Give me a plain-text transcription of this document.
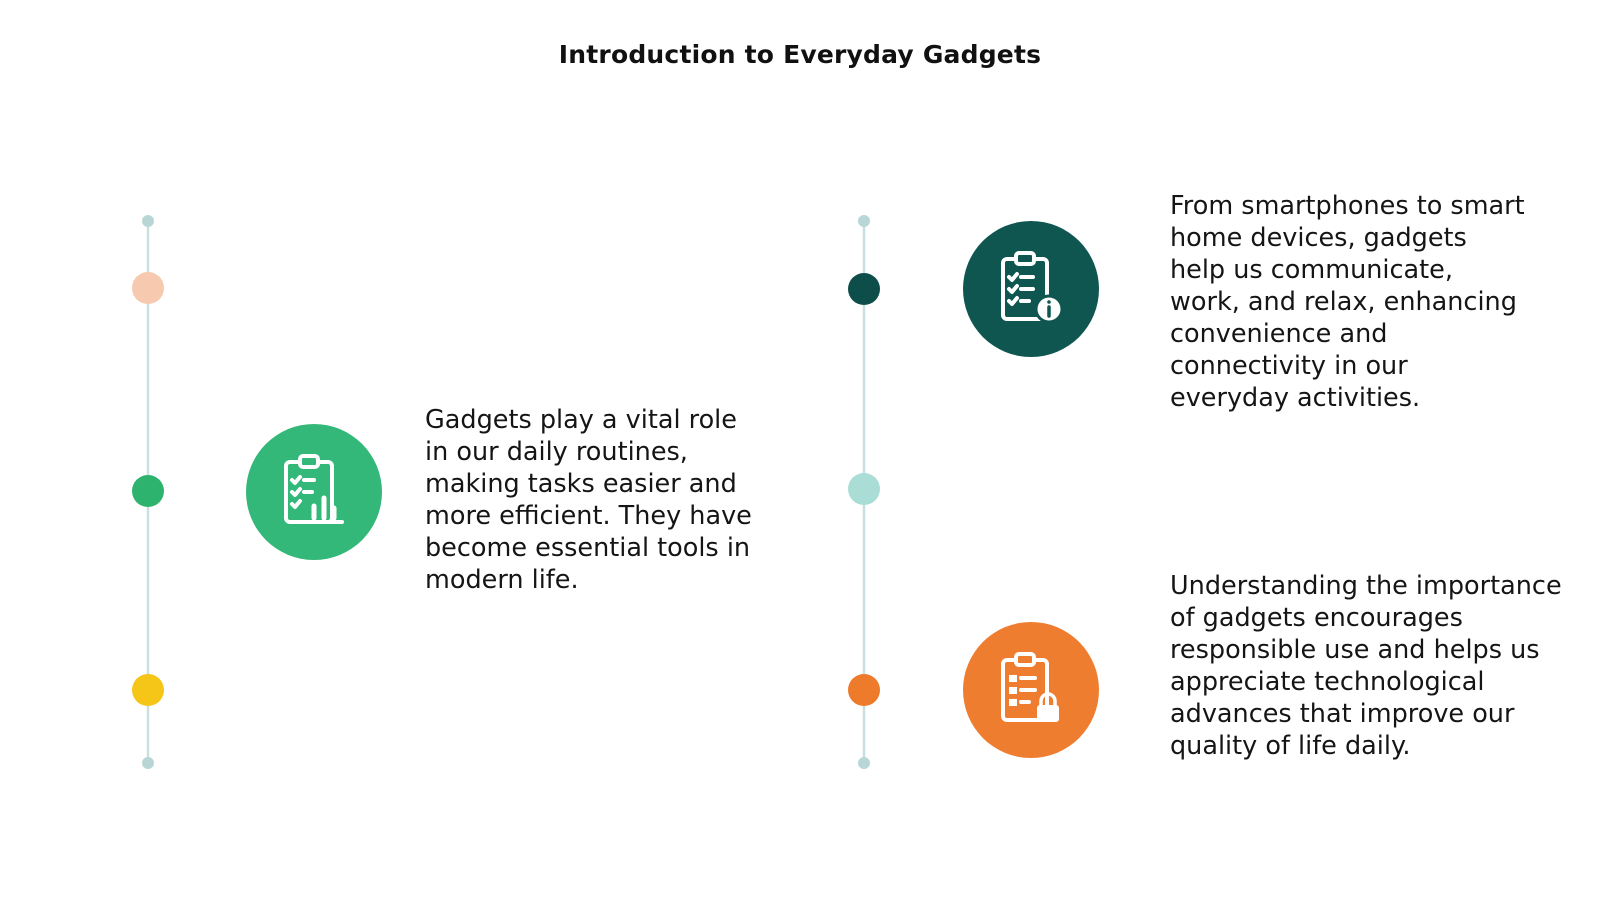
Introduction to Everyday Gadgets
Gadgets play a vital role in our daily routines, making tasks easier and more efficient. They have become essential tools in modern life.
From smartphones to smart home devices, gadgets help us communicate, work, and relax, enhancing convenience and connectivity in our everyday activities.
Understanding the importance of gadgets encourages responsible use and helps us appreciate technological advances that improve our quality of life daily.
